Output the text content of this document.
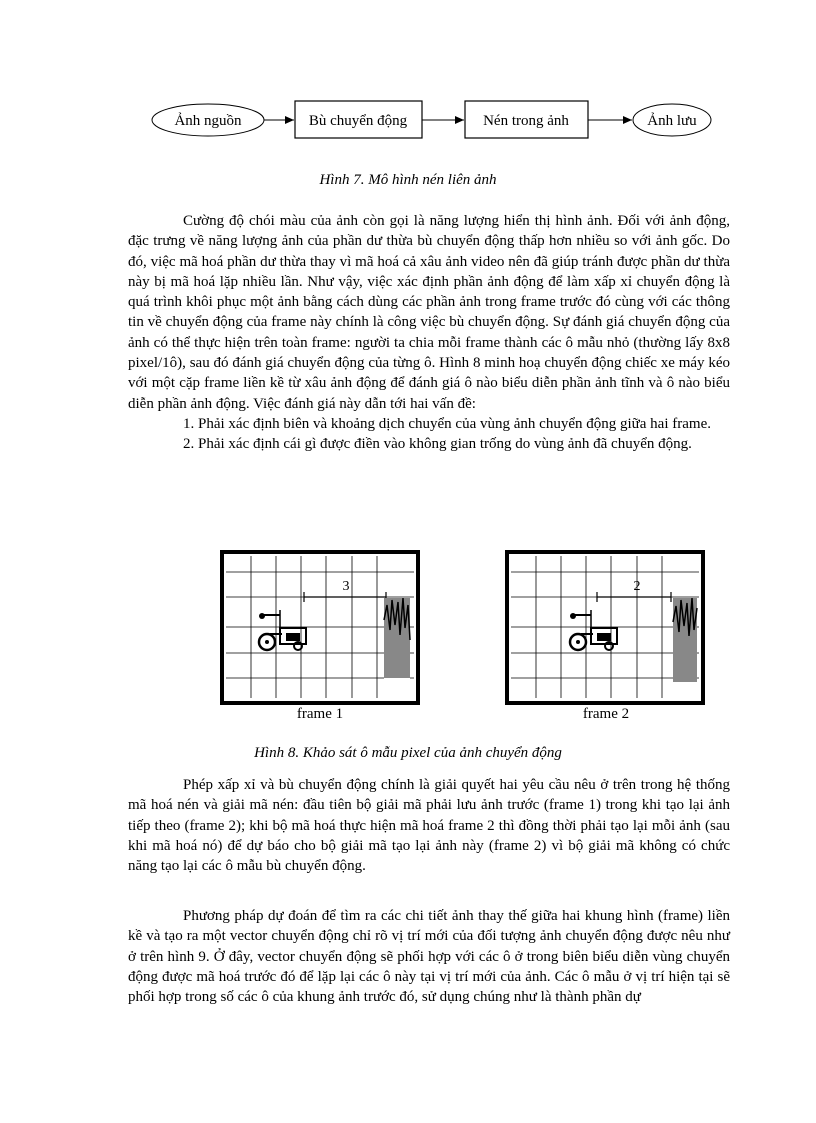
Ảnh nguồn	Bù chuyển động	Nén trong ảnh	Ảnh lưu
Hình 7. Mô hình nén liên ảnh

Cường độ chói màu của ảnh còn gọi là năng lượng hiển thị hình ảnh. Đối với ảnh động, đặc trưng về năng lượng ảnh của phần dư thừa bù chuyển động thấp hơn nhiều so với ảnh gốc. Do đó, việc mã hoá phần dư thừa thay vì mã hoá cả xâu ảnh video nên đã giúp tránh được phần dư thừa này bị mã hoá lặp nhiều lần. Như vậy, việc xác định phần ảnh động để làm xấp xỉ chuyển động là quá trình khôi phục một ảnh bằng cách dùng các phần ảnh trong frame trước đó cùng với các thông tin về chuyển động của frame này chính là công việc bù chuyển động. Sự đánh giá chuyển động của ảnh có thể thực hiện trên toàn frame: người ta chia mỗi frame thành các ô mẫu nhỏ (thường lấy 8x8 pixel/1ô), sau đó đánh giá chuyển động của từng ô. Hình 8 minh hoạ chuyển động chiếc xe máy kéo với một cặp frame liền kề từ xâu ảnh động để đánh giá ô nào biểu diễn phần ảnh tĩnh và ô nào biểu diễn phần ảnh động. Việc đánh giá này dẫn tới hai vấn đề:

1. Phải xác định biên và khoảng dịch chuyển của vùng ảnh chuyển động giữa hai frame.

2. Phải xác định cái gì được điền vào không gian trống do vùng ảnh đã chuyển động.

3
frame 1
2
frame 2
Hình 8. Khảo sát ô mẫu pixel của ảnh chuyển động

Phép xấp xỉ và bù chuyển động chính là giải quyết hai yêu cầu nêu ở trên trong hệ thống mã hoá nén và giải mã nén: đầu tiên bộ giải mã phải lưu ảnh trước (frame 1) trong khi tạo lại ảnh tiếp theo (frame 2); khi bộ mã hoá thực hiện mã hoá frame 2 thì đồng thời phải tạo lại mỗi ảnh (sau khi mã hoá nó) để dự báo cho bộ giải mã tạo lại ảnh này (frame 2) vì bộ giải mã không có chức năng tạo lại các ô mẫu bù chuyển động.

Phương pháp dự đoán để tìm ra các chi tiết ảnh thay thế giữa hai khung hình (frame) liền kề và tạo ra một vector chuyển động chỉ rõ vị trí mới của đối tượng ảnh chuyển động được nêu như ở trên hình 9. Ở đây, vector chuyển động sẽ phối hợp với các ô ở trong biên biểu diễn vùng chuyển động được mã hoá trước đó để lặp lại các ô này tại vị trí mới của ảnh. Các ô mẫu ở vị trí hiện tại sẽ phối hợp trong số các ô của khung ảnh trước đó, sử dụng chúng như là thành phần dự
